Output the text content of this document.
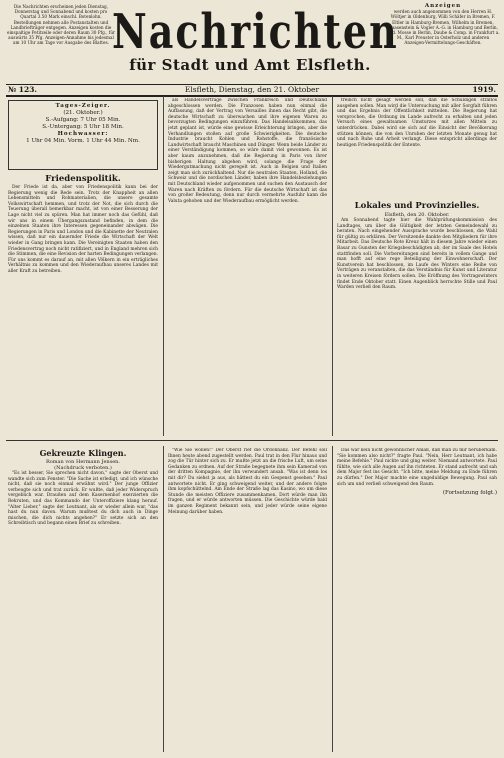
Die Nachrichten erscheinen jeden Dienstag, Donnerstag und Sonnabend und kosten pro Quartal 3.50 Mark einschl. Botenlohn. Bestellungen nehmen alle Postanstalten und Landbriefträger entgegen. Anzeigen kosten die einspaltige Petitzeile oder deren Raum 30 Pfg., für auswärts 35 Pfg. Anzeigen-Annahme bis jedesmal am 10 Uhr am Tage vor Ausgabe des Blattes. Nachrichten
für Stadt und Amt Elsfleth.
Anzeigen
werden auch angenommen von den Herren H. Wöltjer in Oldenburg, Willi Schäfer in Bremen, F. Eltler in Hamburg-Bremen, Wilhelm in Bremen, Haasenstein & Vogler A.-G. in Hamburg und Berlin, Rud. Mosse in Berlin, Daube & Comp. in Frankfurt a. M., Karl Preuster in Osterholz und anderen Anzeigen-Vermittelungs-Geschäften.
№ 123.	Elsfleth, Dienstag, den 21. Oktober	1919.
Tages-Zeiger.
(21. Oktober.)
S.-Aufgang: 7 Uhr 05 Min.
S.-Untergang: 5 Uhr 18 Min.
Hochwasser:
1 Uhr 04 Min. Vorm. 1 Uhr 44 Min. Nm.
Friedenspolitik.

Der Friede ist da, aber von Friedenspolitik kann bei der Regierung wenig die Rede sein. Trotz der Knappheit an allen Lebensmitteln und Rohmaterialien, die unsere gesamte Volkswirtschaft hemmen, und trotz der Not, die sich durch die Teuerung überall bemerkbar macht, ist von einer Besserung der Lage nicht viel zu spüren. Man hat immer noch das Gefühl, daß wir uns in einem Übergangszustand befinden, in dem die einzelnen Staaten ihre Interessen gegeneinander abwägen. Die Regierungen in Paris und London und die Kabinette der Neutralen wissen, daß nur ein dauernder Friede die Wirtschaft der Welt wieder in Gang bringen kann. Die Vereinigten Staaten haben den Friedensvertrag noch nicht ratifiziert, und in England mehren sich die Stimmen, die eine Revision der harten Bedingungen verlangen. Für uns kommt es darauf an, mit allen Völkern in ein erträgliches Verhältnis zu kommen und den Wiederaufbau unseres Landes mit aller Kraft zu betreiben.

als Handelsverträge zwischen Frankreich und Deutschland abgeschlossen werden. Die Franzosen haben nun einmal die Auffassung, daß der Vertrag von Versailles ihnen das Recht gibt, die deutsche Wirtschaft zu überwachen und ihre eigenen Waren zu bevorzugten Bedingungen einzuführen. Das Handelsabkommen, das jetzt geplant ist, würde eine gewisse Erleichterung bringen, aber die Verhandlungen stoßen auf große Schwierigkeiten. Die deutsche Industrie braucht Kohlen und Rohstoffe, die französische Landwirtschaft braucht Maschinen und Dünger. Wenn beide Länder zu einer Verständigung kommen, so wäre damit viel gewonnen. Es ist aber kaum anzunehmen, daß die Regierung in Paris von ihrer bisherigen Haltung abgehen wird, solange die Frage der Wiedergutmachung nicht geregelt ist. Auch in Belgien und Italien zeigt man sich zurückhaltend. Nur die neutralen Staaten, Holland, die Schweiz und die nordischen Länder, haben ihre Handelsbeziehungen mit Deutschland wieder aufgenommen und suchen den Austausch der Waren nach Kräften zu fördern. Für die deutsche Wirtschaft ist das von großer Bedeutung, denn nur durch vermehrte Ausfuhr kann die Valuta gehoben und der Wiederaufbau ermöglicht werden.

freilich nicht gesagt werden soll, daß die Schuldigen straflos ausgehen sollen. Man wird die Untersuchung mit aller Sorgfalt führen und das Ergebnis der Öffentlichkeit mitteilen. Die Regierung hat versprochen, die Ordnung im Lande aufrecht zu erhalten und jeden Versuch eines gewaltsamen Umsturzes mit allen Mitteln zu unterdrücken. Dabei wird sie sich auf die Einsicht der Bevölkerung stützen können, die von den Unruhen der letzten Monate genug hat und nach Ruhe und Arbeit verlangt. Diese entspricht allerdings der heutigen Friedenspolitik der Entente.

Lokales und Provinzielles.
Elsfleth, den 20. Oktober.

Am Sonnabend tagte hier die Wahlprüfungskommission des Landtages, um über die Gültigkeit der letzten Gemeindewahl zu beraten. Nach eingehender Aussprache wurde beschlossen, die Wahl für gültig zu erklären. Der Vorsitzende dankte den Mitgliedern für ihre Mitarbeit. Das Deutsche Rote Kreuz hält in diesem Jahre wieder einen Basar zu Gunsten der Kriegsbeschädigten ab, der im Saale des Hotels stattfinden soll. Die Vorbereitungen sind bereits in vollem Gange und man hofft auf eine rege Beteiligung der Einwohnerschaft. Der Kunstverein hat beschlossen, im Laufe des Winters eine Reihe von Vorträgen zu veranstalten, die das Verständnis für Kunst und Literatur in weiteren Kreisen fördern sollen. Die Eröffnung des Vortragswinters findet Ende Oktober statt. Einen Augenblick herrschte Stille und Paul Warden verließ den Raum.

Gekreuzte Klingen.
Roman von Hermann Jensen.
(Nachdruck verboten.)

"Es ist besser, Sie sprechen nicht davon," sagte der Oberst und wandte sich zum Fenster. "Die Sache ist erledigt, und ich wünsche nicht, daß sie noch einmal erwähnt wird." Der junge Offizier verbeugte sich und trat zurück. Er wußte, daß jeder Widerspruch vergeblich war. Draußen auf dem Kasernenhof exerzierten die Rekruten, und das Kommando der Unteroffiziere klang herauf. "Alter Lieber," sagte der Leutnant, als er wieder allein war, "das hast du nun davon. Warum mußtest du dich auch in Dinge mischen, die dich nichts angehen?" Er setzte sich an den Schreibtisch und begann einen Brief zu schreiben.

"Wie Sie wollen!" Der Oberst rief die Ordonnanz. Der Befehl soll Ihnen heute abend zugestellt werden. Paul trat in den Flur hinaus und zog die Tür hinter sich zu. Er mußte jetzt an die frische Luft, um seine Gedanken zu ordnen. Auf der Straße begegnete ihm sein Kamerad von der dritten Kompagnie, der ihn verwundert ansah. "Was ist denn los mit dir? Du siehst ja aus, als hättest du ein Gespenst gesehen." Paul antwortete nicht. Er ging schweigend weiter, und der andere folgte ihm kopfschüttelnd. Am Ende der Straße lag das Kasino, wo um diese Stunde die meisten Offiziere zusammenkamen. Dort würde man ihn fragen, und er würde antworten müssen. Die Geschichte würde bald im ganzen Regiment bekannt sein, und jeder würde seine eigene Meinung darüber haben.

Das war kein nicht gewöhnlicher Anlaß, daß man zu mir herüberkam. "Sie kommen also nicht?" fragte Paul. "Nein, Herr Leutnant, ich habe meine Befehle." Paul nickte und ging weiter. Niemand antwortete. Paul fühlte, wie sich alle Augen auf ihn richteten. Er stand aufrecht und sah dem Major fest ins Gesicht. "Ich bitte, meine Meldung zu Ende führen zu dürfen." Der Major machte eine ungeduldige Bewegung. Paul sah sich um und verließ schweigend den Raum.

(Fortsetzung folgt.)
